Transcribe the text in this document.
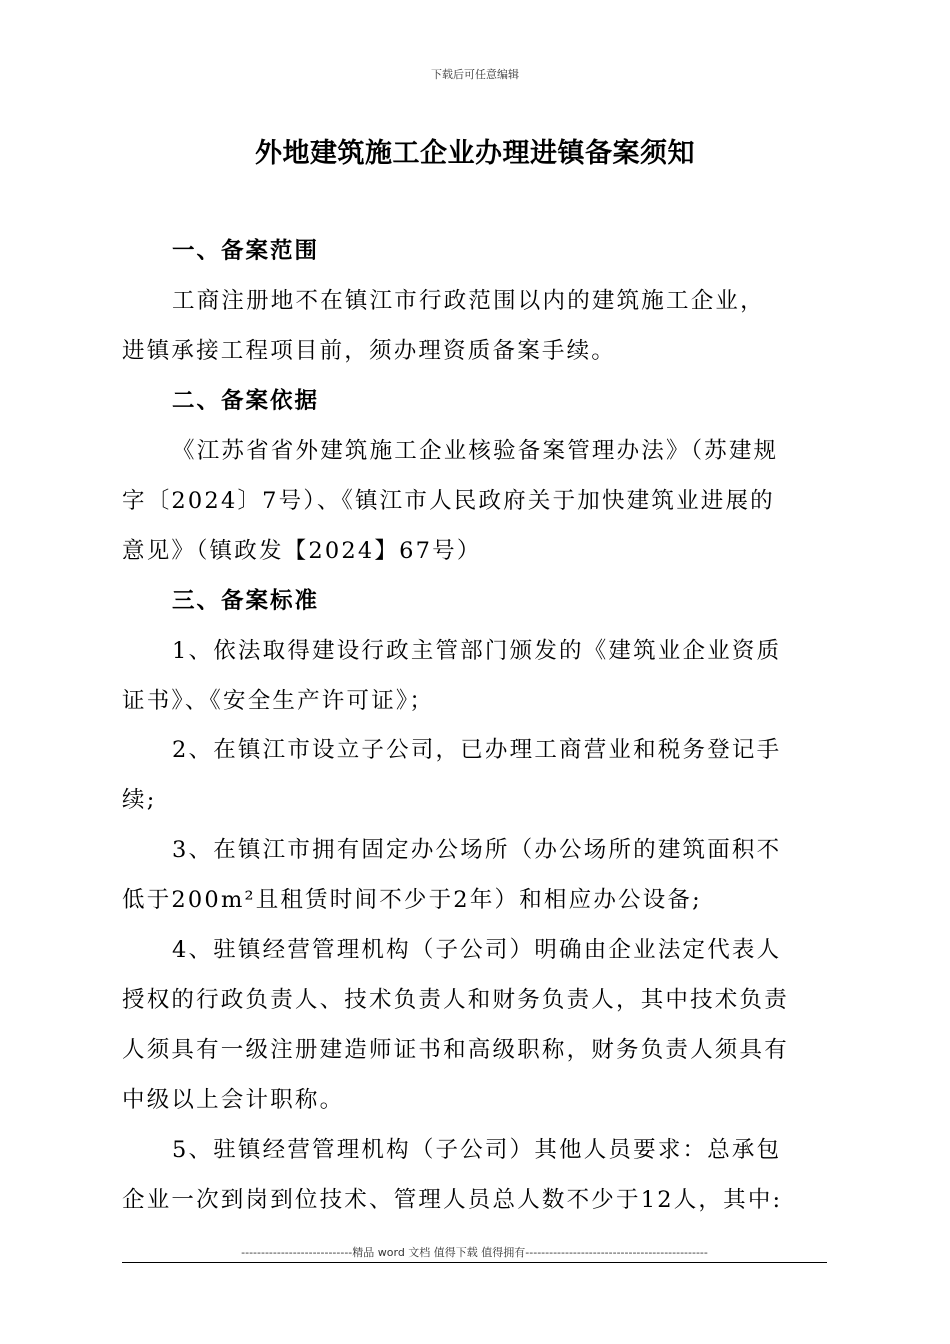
下载后可任意编辑
外地建筑施工企业办理进镇备案须知
一、备案范围
工商注册地不在镇江市行政范围以内的建筑施工企业，
进镇承接工程项目前，须办理资质备案手续。
二、备案依据
《江苏省省外建筑施工企业核验备案管理办法》（苏建规
字〔2024〕7号）、《镇江市人民政府关于加快建筑业进展的
意见》（镇政发【2024】67号）
三、备案标准
1、依法取得建设行政主管部门颁发的《建筑业企业资质
证书》、《安全生产许可证》；
2、在镇江市设立子公司，已办理工商营业和税务登记手
续;
3、在镇江市拥有固定办公场所（办公场所的建筑面积不
低于200m²且租赁时间不少于2年）和相应办公设备;
4、驻镇经营管理机构（子公司）明确由企业法定代表人
授权的行政负责人、技术负责人和财务负责人，其中技术负责
人须具有一级注册建造师证书和高级职称，财务负责人须具有
中级以上会计职称。
5、驻镇经营管理机构（子公司）其他人员要求：总承包
企业一次到岗到位技术、管理人员总人数不少于12人，其中:
----------------------------精品 word 文档 值得下载 值得拥有----------------------------------------------
